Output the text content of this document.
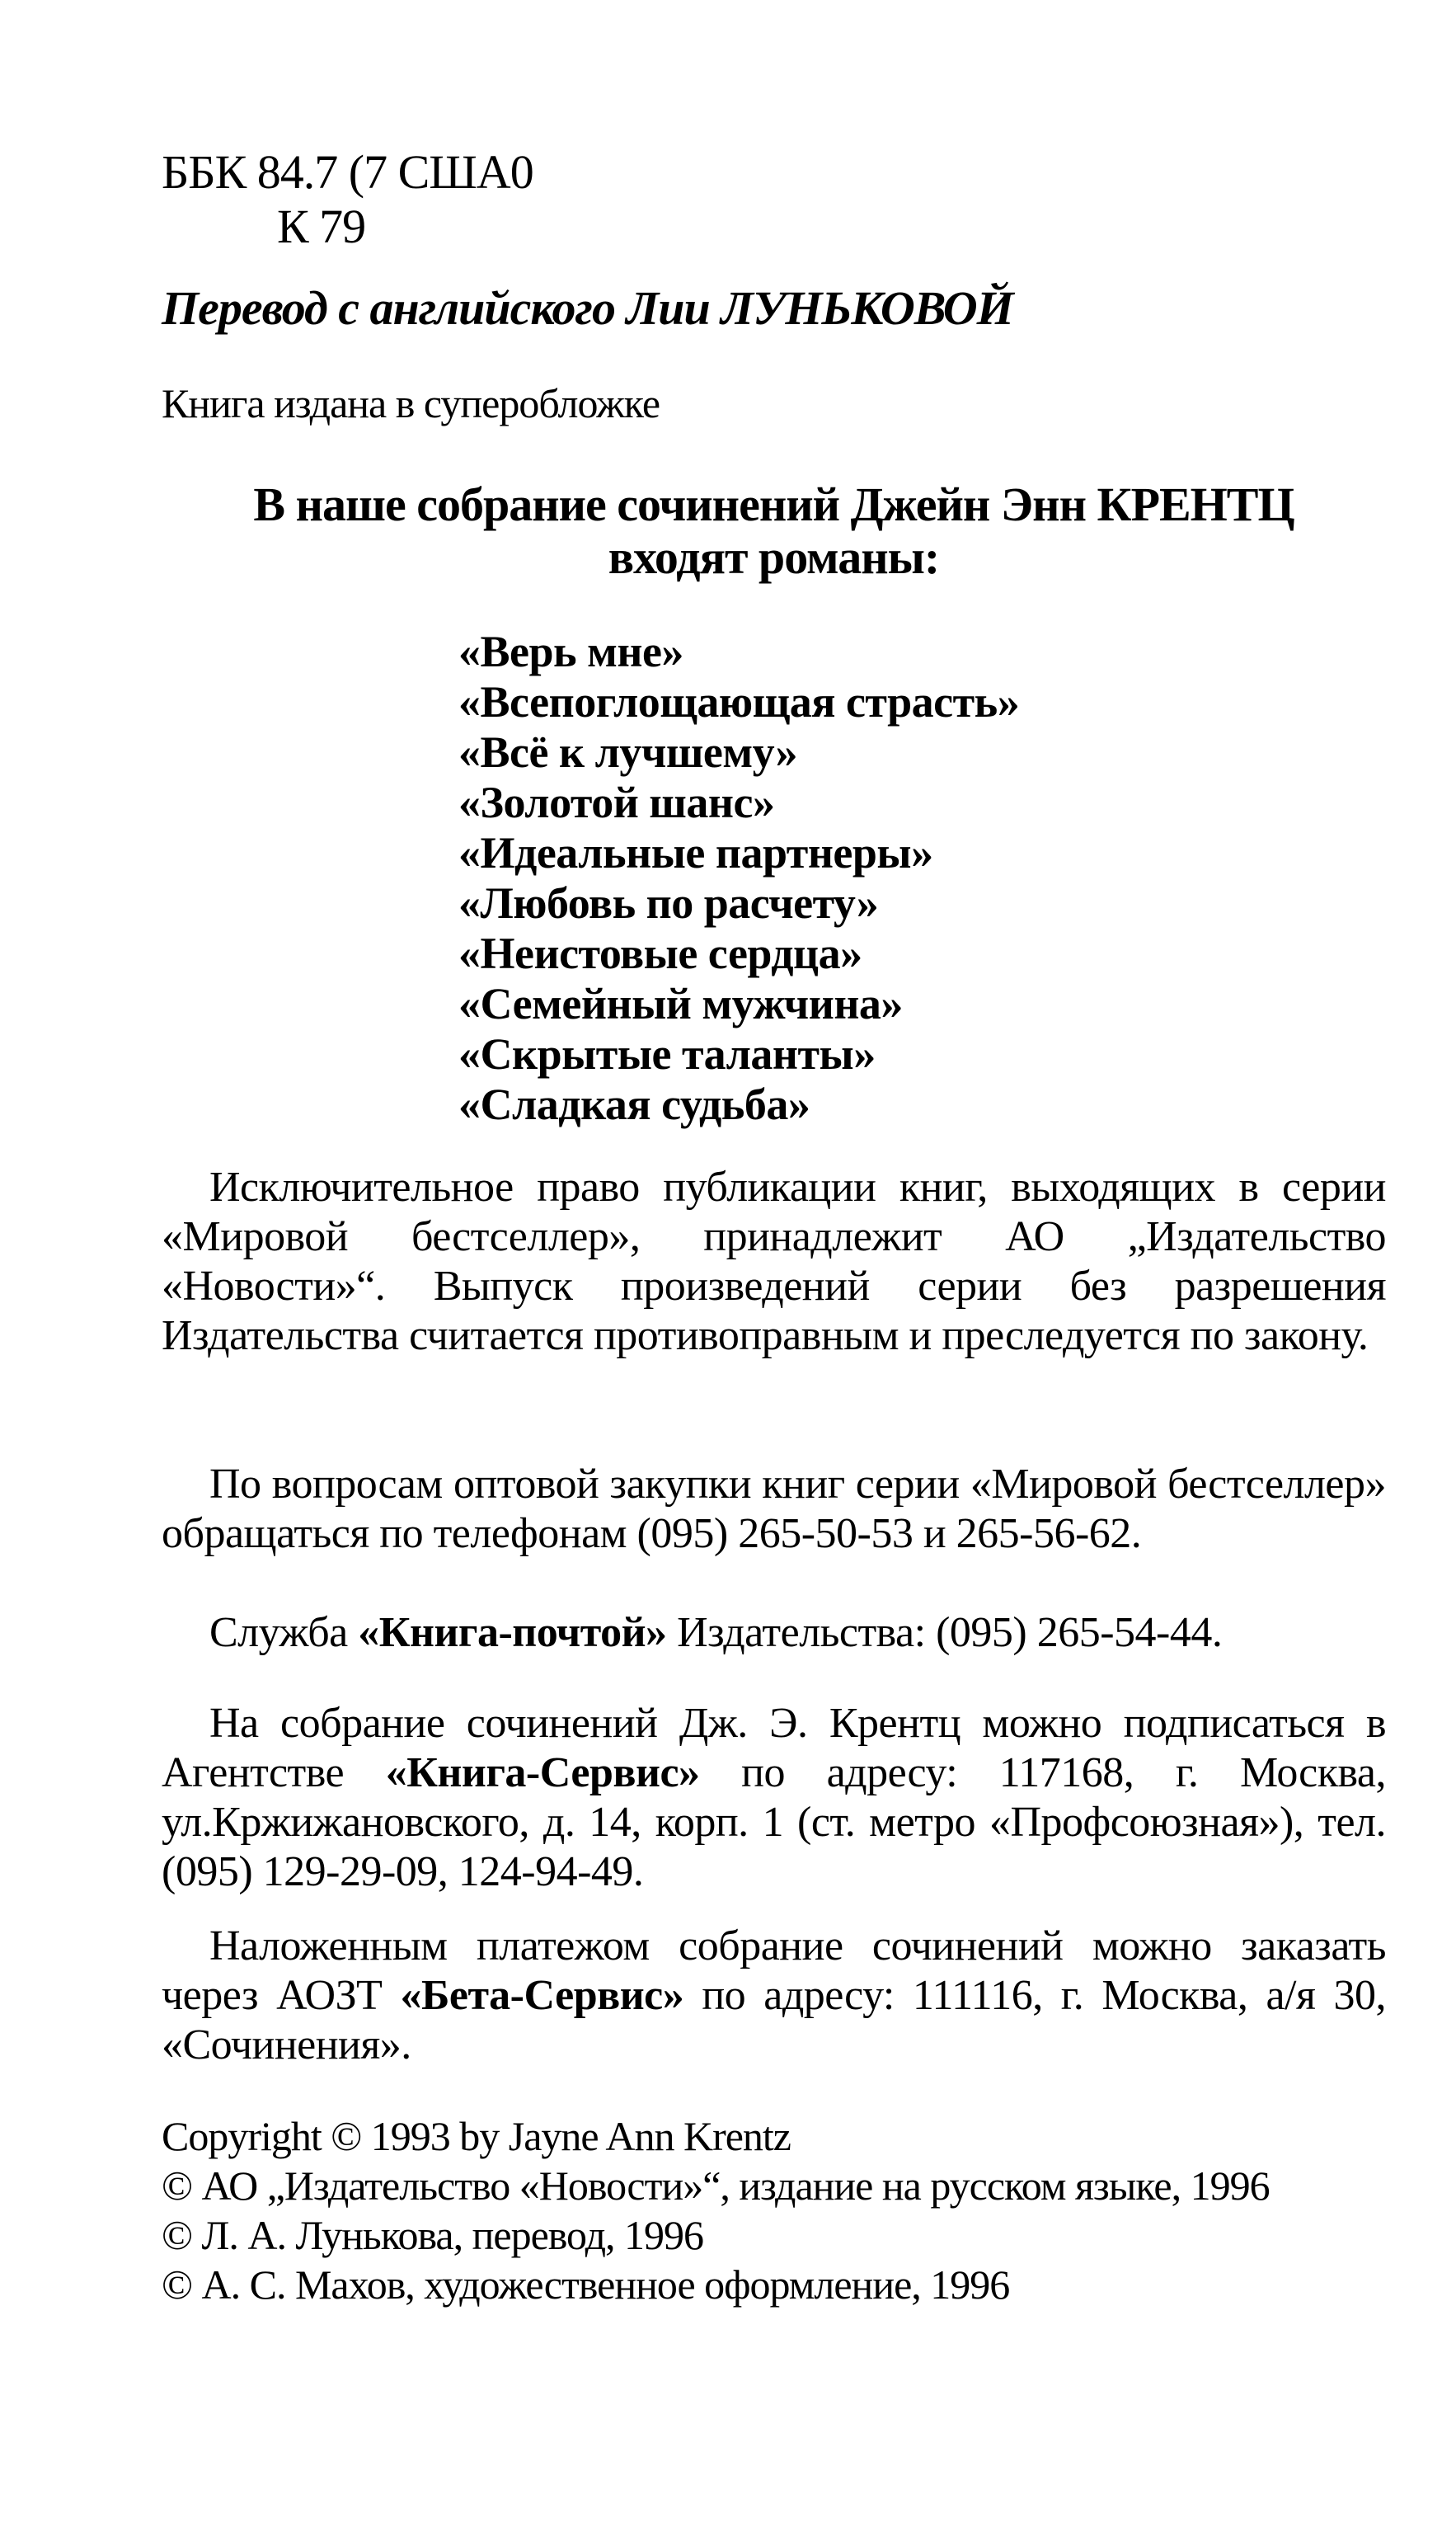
ББК 84.7 (7 США0
К 79
Перевод с английского Лии ЛУНЬКОВОЙ
Книга издана в суперобложке
В наше собрание сочинений Джейн Энн КРЕНТЦ
входят романы:
«Верь мне»
«Всепоглощающая страсть»
«Всё к лучшему»
«Золотой шанс»
«Идеальные партнеры»
«Любовь по расчету»
«Неистовые сердца»
«Семейный мужчина»
«Скрытые таланты»
«Сладкая судьба»
Исключительное право публикации книг, выходящих в серии «Мировой бестселлер», принадлежит АО „Издательство «Новости»“. Выпуск произведений серии без разрешения Издательства считается противоправным и преследуется по закону.
По вопросам оптовой закупки книг серии «Мировой бестселлер» обращаться по телефонам (095) 265-50-53 и 265-56-62.
Служба «Книга-почтой» Издательства: (095) 265-54-44.
На собрание сочинений Дж. Э. Крентц можно подписаться в Агентстве «Книга-Сервис» по адресу: 117168, г. Москва, ул.Кржижановского, д. 14, корп. 1 (ст. метро «Профсоюзная»), тел. (095) 129-29-09, 124-94-49.
Наложенным платежом собрание сочинений можно заказать через АОЗТ «Бета-Сервис» по адресу: 111116, г. Москва, а/я 30, «Сочинения».
Copyright © 1993 by Jayne Ann Krentz
© АО „Издательство «Новости»“, издание на русском языке, 1996
© Л. А. Лунькова, перевод, 1996
© А. С. Махов, художественное оформление, 1996
